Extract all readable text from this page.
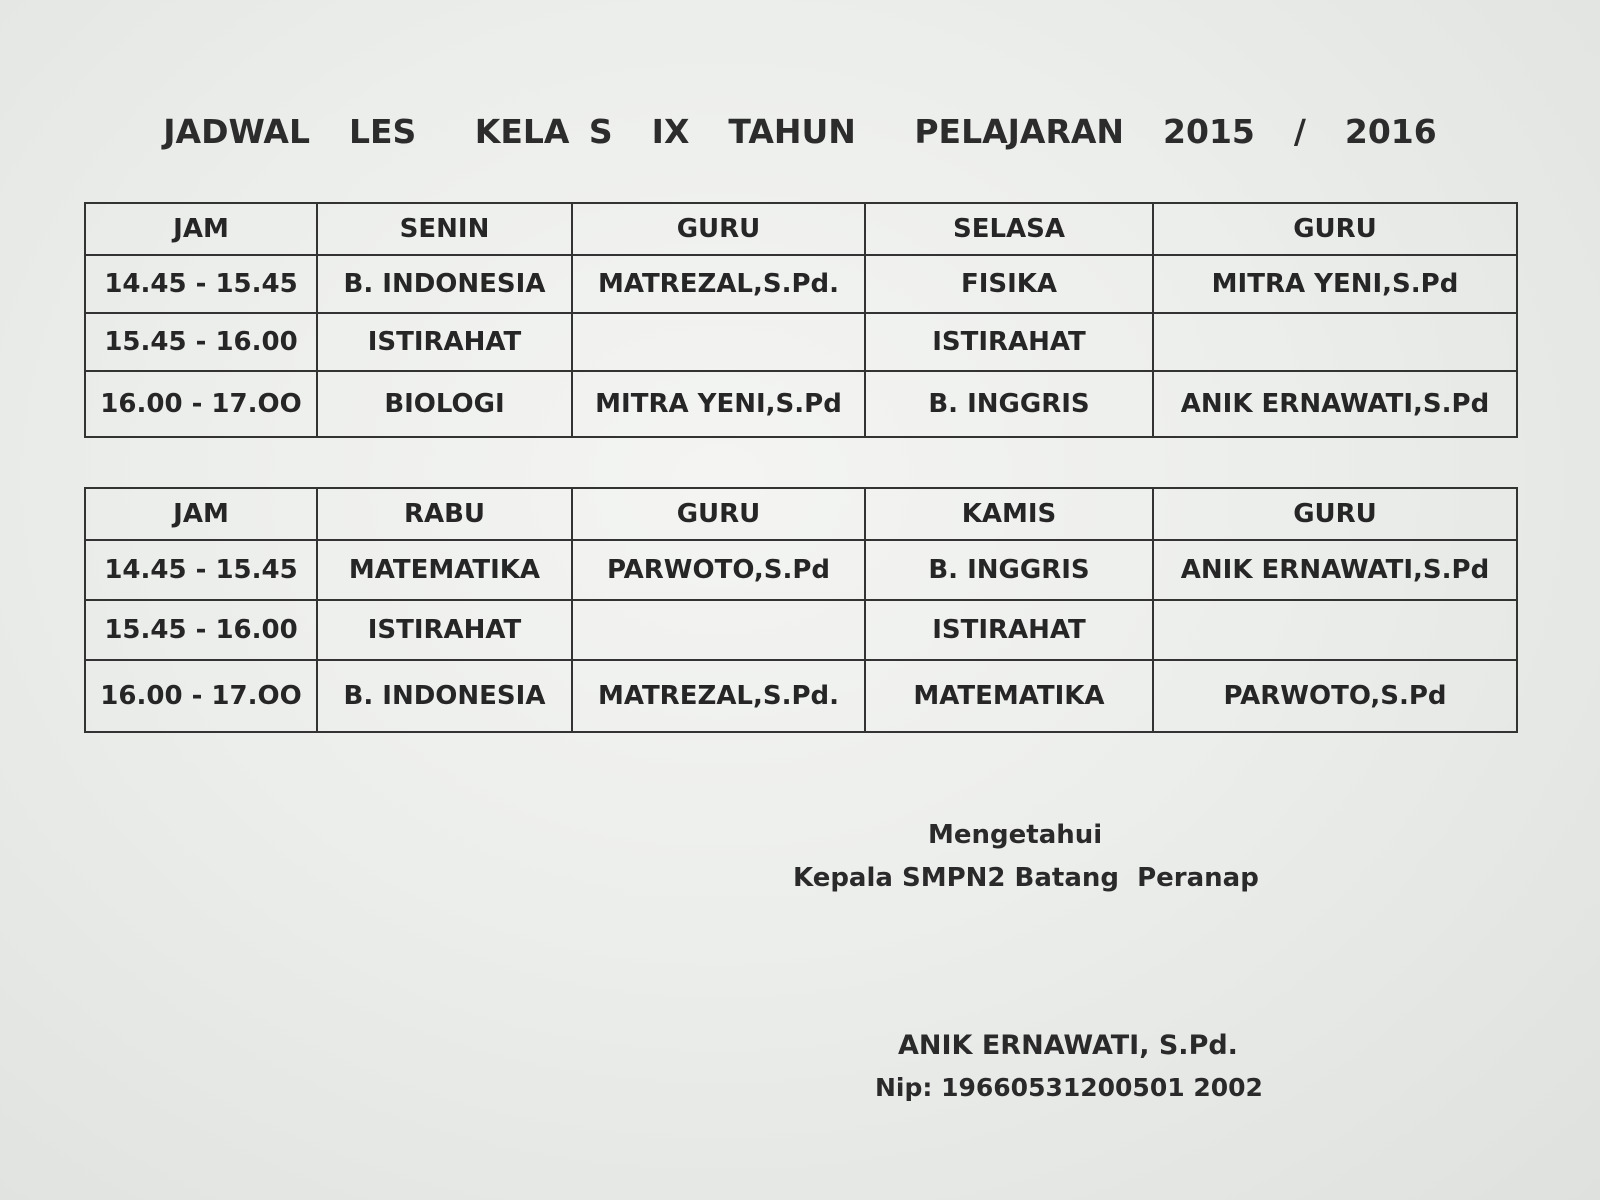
JADWAL  LES   KELA S  IX  TAHUN   PELAJARAN  2015  /  2016
JAM	SENIN	GURU	SELASA	GURU
14.45 - 15.45	B. INDONESIA	MATREZAL,S.Pd.	FISIKA	MITRA YENI,S.Pd
15.45 - 16.00	ISTIRAHAT		ISTIRAHAT	
16.00 - 17.OO	BIOLOGI	MITRA YENI,S.Pd	B. INGGRIS	ANIK ERNAWATI,S.Pd
JAM	RABU	GURU	KAMIS	GURU
14.45 - 15.45	MATEMATIKA	PARWOTO,S.Pd	B. INGGRIS	ANIK ERNAWATI,S.Pd
15.45 - 16.00	ISTIRAHAT		ISTIRAHAT	
16.00 - 17.OO	B. INDONESIA	MATREZAL,S.Pd.	MATEMATIKA	PARWOTO,S.Pd
Mengetahui
Kepala SMPN2 Batang  Peranap
ANIK ERNAWATI, S.Pd.
Nip: 19660531200501 2002
